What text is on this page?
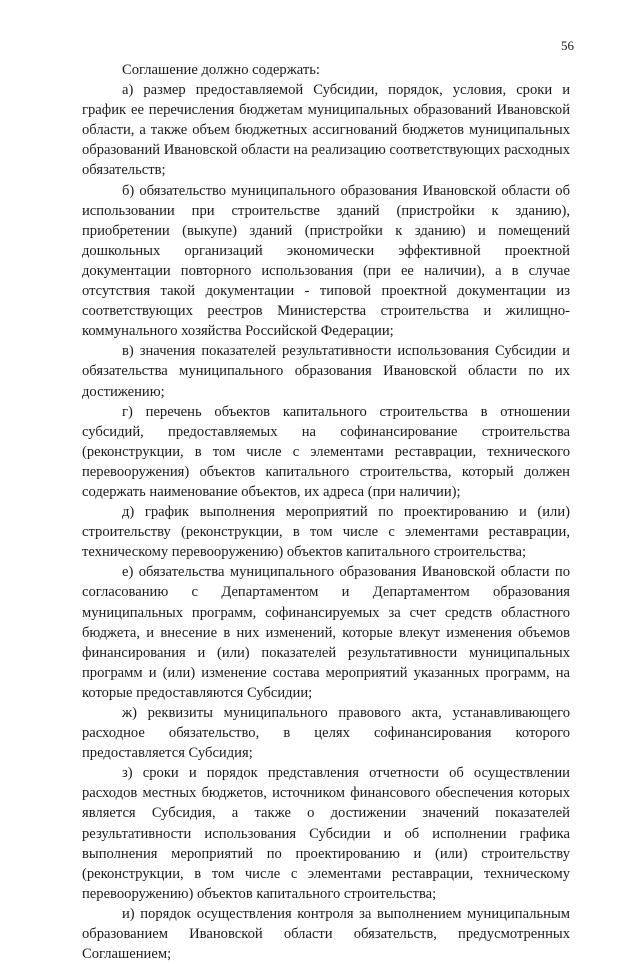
56

Соглашение должно содержать:

а) размер предоставляемой Субсидии, порядок, условия, сроки и график ее перечисления бюджетам муниципальных образований Ивановской области, а также объем бюджетных ассигнований бюджетов муниципальных образований Ивановской области на реализацию соответствующих расходных обязательств;

б) обязательство муниципального образования Ивановской области об использовании при строительстве зданий (пристройки к зданию), приобретении (выкупе) зданий (пристройки к зданию) и помещений дошкольных организаций экономически эффективной проектной документации повторного использования (при ее наличии), а в случае отсутствия такой документации - типовой проектной документации из соответствующих реестров Министерства строительства и жилищно-коммунального хозяйства Российской Федерации;

в) значения показателей результативности использования Субсидии и обязательства муниципального образования Ивановской области по их достижению;

г) перечень объектов капитального строительства в отношении субсидий, предоставляемых на софинансирование строительства (реконструкции, в том числе с элементами реставрации, технического перевооружения) объектов капитального строительства, который должен содержать наименование объектов, их адреса (при наличии);

д) график выполнения мероприятий по проектированию и (или) строительству (реконструкции, в том числе с элементами реставрации, техническому перевооружению) объектов капитального строительства;

е) обязательства муниципального образования Ивановской области по согласованию с Департаментом и Департаментом образования муниципальных программ, софинансируемых за счет средств областного бюджета, и внесение в них изменений, которые влекут изменения объемов финансирования и (или) показателей результативности муниципальных программ и (или) изменение состава мероприятий указанных программ, на которые предоставляются Субсидии;

ж) реквизиты муниципального правового акта, устанавливающего расходное обязательство, в целях софинансирования которого предоставляется Субсидия;

з) сроки и порядок представления отчетности об осуществлении расходов местных бюджетов, источником финансового обеспечения которых является Субсидия, а также о достижении значений показателей результативности использования Субсидии и об исполнении графика выполнения мероприятий по проектированию и (или) строительству (реконструкции, в том числе с элементами реставрации, техническому перевооружению) объектов капитального строительства;

и) порядок осуществления контроля за выполнением муниципальным образованием Ивановской области обязательств, предусмотренных Соглашением;
